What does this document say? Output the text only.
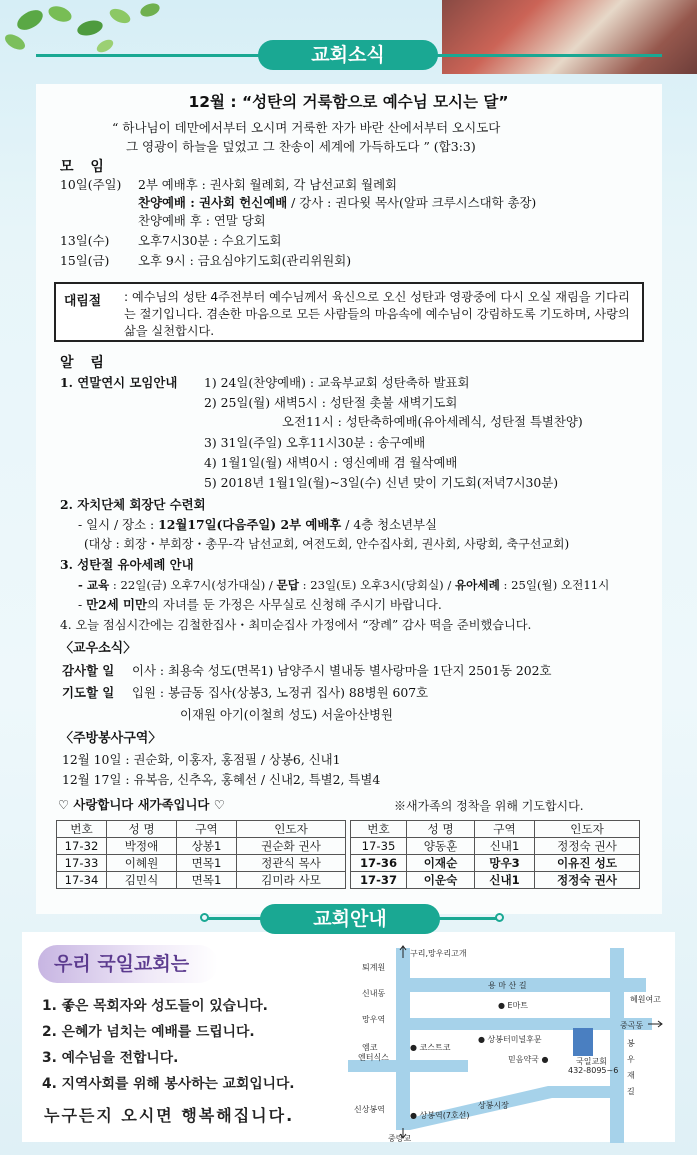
교회소식
12월 : “성탄의 거룩함으로 예수님 모시는 달”
“ 하나님이 데만에서부터 오시며 거룩한 자가 바란 산에서부터 오시도다
그 영광이 하늘을 덮었고 그 찬송이 세계에 가득하도다 ” (합3:3)
모 임
10일(주일) 2부 예배후 : 권사회 월례회, 각 남선교회 월례회
찬양예배 : 권사회 헌신예배 / 강사 : 권다윗 목사(알파 크루시스대학 총장)
찬양예배 후 : 연말 당회
13일(수) 오후7시30분 : 수요기도회
15일(금) 오후 9시 : 금요심야기도회(관리위원회)
대림절 : 예수님의 성탄 4주전부터 예수님께서 육신으로 오신 성탄과 영광중에 다시 오실 재림을 기다리는 절기입니다. 겸손한 마음으로 모든 사람들의 마음속에 예수님이 강림하도록 기도하며, 사랑의 삶을 실천합시다.
알 림
1. 연말연시 모임안내 1) 24일(찬양예배) : 교육부교회 성탄축하 발표회
2) 25일(월) 새벽5시 : 성탄절 촛불 새벽기도회
오전11시 : 성탄축하예배(유아세례식, 성탄절 특별찬양)
3) 31일(주일) 오후11시30분 : 송구예배
4) 1월1일(월) 새벽0시 : 영신예배 겸 월삭예배
5) 2018년 1월1일(월)~3일(수) 신년 맞이 기도회(저녁7시30분)
2. 자치단체 회장단 수련회
- 일시 / 장소 : 12월17일(다음주일) 2부 예배후 / 4층 청소년부실
(대상 : 회장・부회장・총무-각 남선교회, 여전도회, 안수집사회, 권사회, 사랑회, 축구선교회)
3. 성탄절 유아세례 안내
- 교육 : 22일(금) 오후7시(성가대실) / 문답 : 23일(토) 오후3시(당회실) / 유아세례 : 25일(월) 오전11시
- 만2세 미만의 자녀를 둔 가정은 사무실로 신청해 주시기 바랍니다.
4. 오늘 점심시간에는 김철한집사・최미순집사 가정에서 “장례” 감사 떡을 준비했습니다.
〈교우소식〉
감사할 일 이사 : 최용숙 성도(면목1) 남양주시 별내동 별사랑마을 1단지 2501동 202호
기도할 일 입원 : 봉금동 집사(상봉3, 노정귀 집사) 88병원 607호
이재원 아기(이철희 성도) 서울아산병원
〈주방봉사구역〉
12월 10일 : 권순화, 이홍자, 홍점필 / 상봉6, 신내1
12월 17일 : 유복음, 신추옥, 홍혜선 / 신내2, 특별2, 특별4
♡ 사랑합니다 새가족입니다 ♡	※새가족의 정착을 위해 기도합시다.
번호	성 명	구역	인도자
17-32	박정애	상봉1	권순화 권사
17-33	이혜원	면목1	정관식 목사
17-34	김민식	면목1	김미라 사모
번호	성 명	구역	인도자
17-35	양동훈	신내1	정정숙 권사
17-36	이재순	망우3	이유진 성도
17-37	이운숙	신내1	정정숙 권사
교회안내
우리 국일교회는
1. 좋은 목회자와 성도들이 있습니다.
2. 은혜가 넘치는 예배를 드립니다.
3. 예수님을 전합니다.
4. 지역사회를 위해 봉사하는 교회입니다.
누구든지 오시면 행복해집니다.
구리,망우리고개
퇴계원
용 마 산 길
신내동
● E마트
혜원여고
망우역
중곡동
엠코
엔터식스
● 코스트코
● 상봉터미널후문
국일교회
432-8095~6
믿음약국 ●
상봉시장
신상봉역
● 상봉역(7호선)
중랑교
봉
우
재
길
